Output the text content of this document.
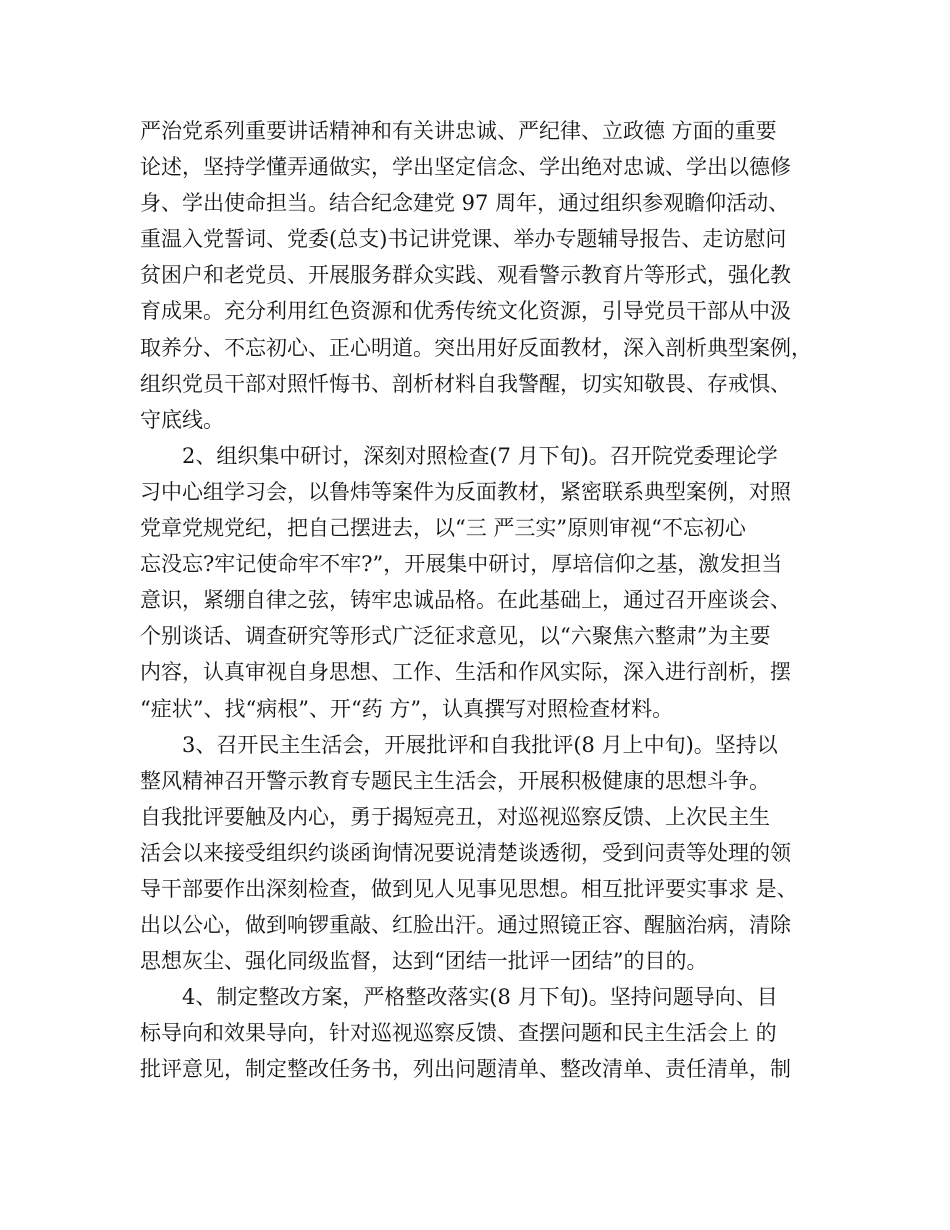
严治党系列重要讲话精神和有关讲忠诚、严纪律、立政德 方面的重要
论述，坚持学懂弄通做实，学出坚定信念、学出绝对忠诚、学出以德修
身、学出使命担当。结合纪念建党 97 周年，通过组织参观瞻仰活动、
重温入党誓词、党委(总支)书记讲党课、举办专题辅导报告、走访慰问
贫困户和老党员、开展服务群众实践、观看警示教育片等形式，强化教
育成果。充分利用红色资源和优秀传统文化资源，引导党员干部从中汲
取养分、不忘初心、正心明道。突出用好反面教材，深入剖析典型案例，
组织党员干部对照忏悔书、剖析材料自我警醒，切实知敬畏、存戒惧、
守底线。
2、组织集中研讨，深刻对照检查(7 月下旬)。召开院党委理论学
习中心组学习会，以鲁炜等案件为反面教材，紧密联系典型案例，对照
党章党规党纪，把自己摆进去，以“三 严三实”原则审视“不忘初心
忘没忘?牢记使命牢不牢?”，开展集中研讨，厚培信仰之基，激发担当
意识，紧绷自律之弦，铸牢忠诚品格。在此基础上，通过召开座谈会、
个别谈话、调查研究等形式广泛征求意见，以“六聚焦六整肃”为主要
内容，认真审视自身思想、工作、生活和作风实际，深入进行剖析，摆
“症状”、找“病根”、开“药 方”，认真撰写对照检查材料。
3、召开民主生活会，开展批评和自我批评(8 月上中旬)。坚持以
整风精神召开警示教育专题民主生活会，开展积极健康的思想斗争。
自我批评要触及内心，勇于揭短亮丑，对巡视巡察反馈、上次民主生
活会以来接受组织约谈函询情况要说清楚谈透彻，受到问责等处理的领
导干部要作出深刻检查，做到见人见事见思想。相互批评要实事求 是、
出以公心，做到响锣重敲、红脸出汗。通过照镜正容、醒脑治病，清除
思想灰尘、强化同级监督，达到“团结一批评一团结”的目的。
4、制定整改方案，严格整改落实(8 月下旬)。坚持问题导向、目
标导向和效果导向，针对巡视巡察反馈、查摆问题和民主生活会上 的
批评意见，制定整改任务书，列出问题清单、整改清单、责任清单，制
